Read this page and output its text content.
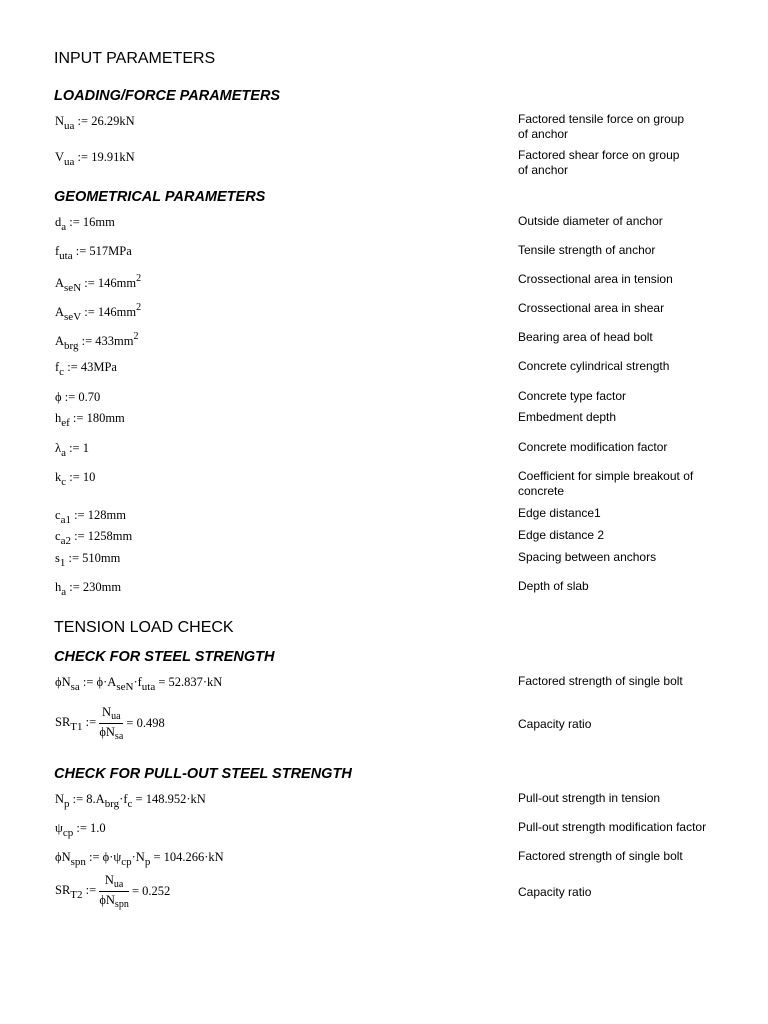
INPUT PARAMETERS
LOADING/FORCE PARAMETERS
$N_{ua}$ := 26.29kN	Factored tensile force on group
of anchor
$V_{ua}$ := 19.91kN	Factored shear force on group
of anchor
GEOMETRICAL PARAMETERS
$d_a$ := 16mm	Outside diameter of anchor
$f_{uta}$ := 517MPa	Tensile strength of anchor
$A_{seN}$ := $146mm^2$	Crossectional area in tension
$A_{seV}$ := $146mm^2$	Crossectional area in shear
$A_{brg}$ := $433mm^2$	Bearing area of head bolt
$f_c$ := 43MPa	Concrete cylindrical strength
ϕ := 0.70	Concrete type factor
$h_{ef}$ := 180mm	Embedment depth
$\lambda_a$ := 1	Concrete modification factor
$k_c$ := 10	Coefficient for simple breakout of
concrete
$c_{a1}$ := 128mm	Edge distance1
$c_{a2}$ := 1258mm	Edge distance 2
$s_1$ := 510mm	Spacing between anchors
$h_a$ := 230mm	Depth of slab
TENSION LOAD CHECK
CHECK FOR STEEL STRENGTH
$\phi N_{sa}$ := $\phi\cdot A_{seN}\cdot f_{uta} = 52.837\cdot kN$	Factored strength of single bolt
$SR_{T1}$ := $\frac{N_{ua}}{\phi N_{sa}} = 0.498$	Capacity ratio
CHECK FOR PULL-OUT STEEL STRENGTH
$N_p$ := $8.A_{brg}\cdot f_c = 148.952\cdot kN$	Pull-out strength in tension
$\psi_{cp}$ := 1.0	Pull-out strength modification factor
$\phi N_{spn}$ := $\phi\cdot\psi_{cp}\cdot N_p = 104.266\cdot kN$	Factored strength of single bolt
$SR_{T2}$ := $\frac{N_{ua}}{\phi N_{spn}} = 0.252$	Capacity ratio
